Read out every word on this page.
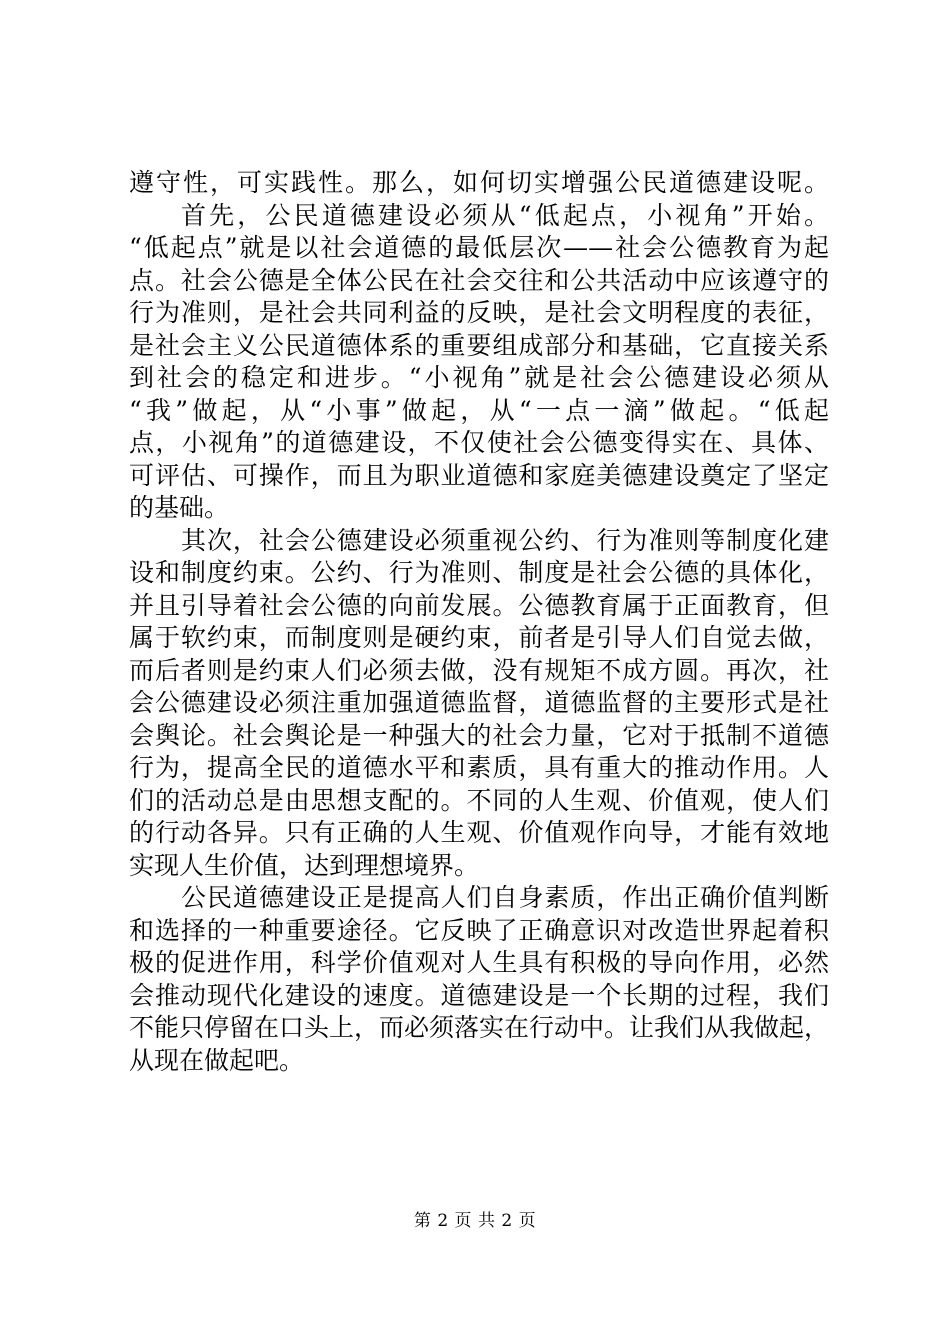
遵守性，可实践性。那么，如何切实增强公民道德建设呢。
首先，公民道德建设必须从“低起点，小视角”开始。
“低起点”就是以社会道德的最低层次——社会公德教育为起
点。社会公德是全体公民在社会交往和公共活动中应该遵守的
行为准则，是社会共同利益的反映，是社会文明程度的表征，
是社会主义公民道德体系的重要组成部分和基础，它直接关系
到社会的稳定和进步。“小视角”就是社会公德建设必须从
“我”做起，从“小事”做起，从“一点一滴”做起。“低起
点，小视角”的道德建设，不仅使社会公德变得实在、具体、
可评估、可操作，而且为职业道德和家庭美德建设奠定了坚定
的基础。
其次，社会公德建设必须重视公约、行为准则等制度化建
设和制度约束。公约、行为准则、制度是社会公德的具体化，
并且引导着社会公德的向前发展。公德教育属于正面教育，但
属于软约束，而制度则是硬约束，前者是引导人们自觉去做，
而后者则是约束人们必须去做，没有规矩不成方圆。再次，社
会公德建设必须注重加强道德监督，道德监督的主要形式是社
会舆论。社会舆论是一种强大的社会力量，它对于抵制不道德
行为，提高全民的道德水平和素质，具有重大的推动作用。人
们的活动总是由思想支配的。不同的人生观、价值观，使人们
的行动各异。只有正确的人生观、价值观作向导，才能有效地
实现人生价值，达到理想境界。
公民道德建设正是提高人们自身素质，作出正确价值判断
和选择的一种重要途径。它反映了正确意识对改造世界起着积
极的促进作用，科学价值观对人生具有积极的导向作用，必然
会推动现代化建设的速度。道德建设是一个长期的过程，我们
不能只停留在口头上，而必须落实在行动中。让我们从我做起，
从现在做起吧。
第 2 页 共 2 页
